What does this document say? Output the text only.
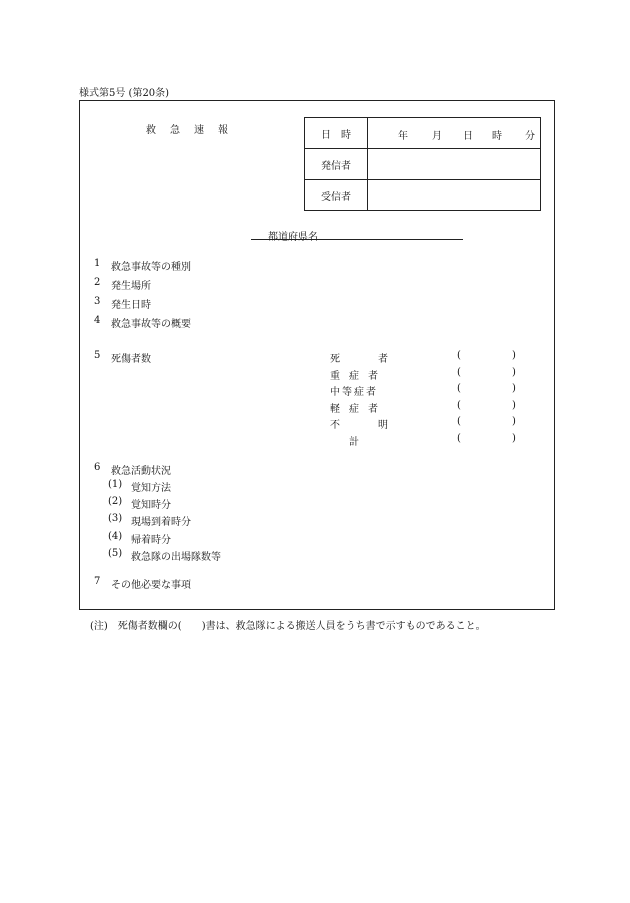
様式第5号 (第20条)
救　急　速　報	日　時	年 月 日 時 分

発信者	
受信者	
都道府県名
1 救急事故等の種別
2 発生場所
3 発生日時
4 救急事故等の概要
5 死傷者数	死　者	(	)
重症者	(	)
中等症者	(	)
軽症者	(	)
不　明	(	)
計	(	)
6 救急活動状況
(1) 覚知方法
(2) 覚知時分
(3) 現場到着時分
(4) 帰着時分
(5) 救急隊の出場隊数等
7 その他必要な事項
(注)　死傷者数欄の(　　)書は、救急隊による搬送人員をうち書で示すものであること。
